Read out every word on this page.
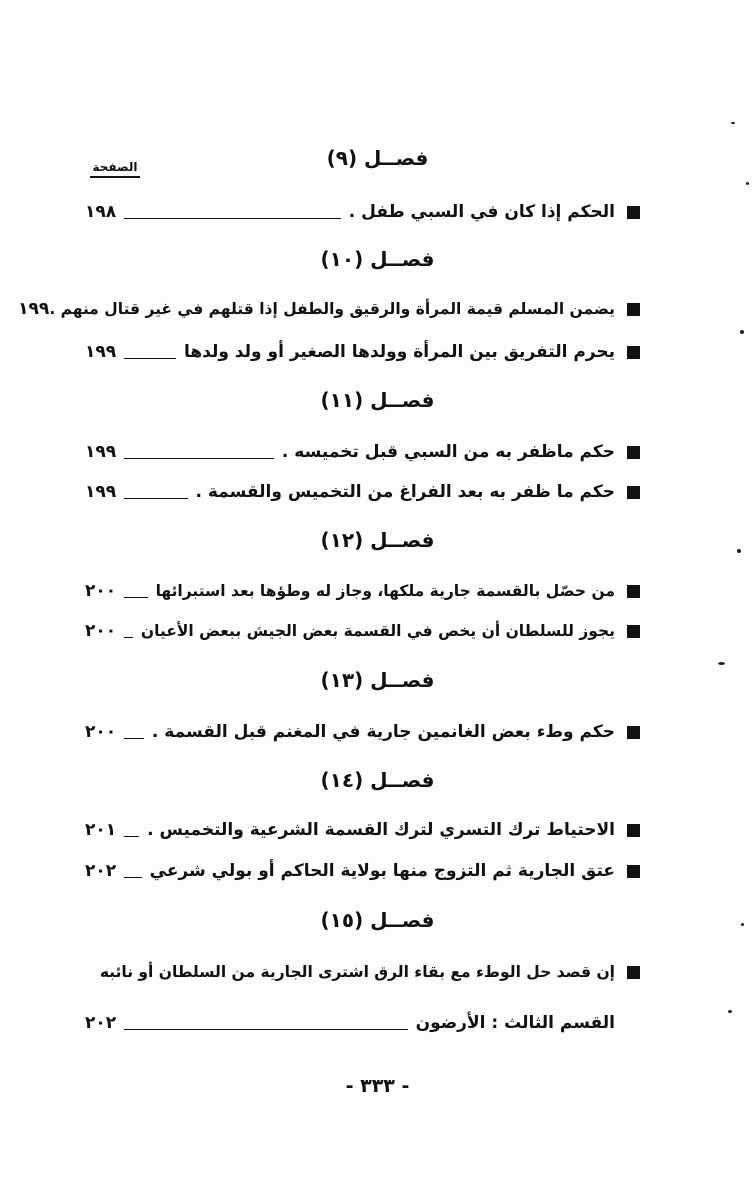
الصفحة	فصــل (٩)
الحكم إذا كان في السبي طفل .
١٩٨
فصــل (١٠)
يضمن المسلم قيمة المرأة والرقيق والطفل إذا قتلهم في غير قتال منهم .
١٩٩
يحرم التفريق بين المرأة وولدها الصغير أو ولد ولدها
١٩٩
فصــل (١١)
حكم ماظفر به من السبي قبل تخميسه .
١٩٩
حكم ما ظفر به بعد الفراغ من التخميس والقسمة .
١٩٩
فصــل (١٢)
من حصّل بالقسمة جارية ملكها، وجاز له وطؤها بعد استبرائها
٢٠٠
يجوز للسلطان أن يخص في القسمة بعض الجيش ببعض الأعيان
٢٠٠
فصــل (١٣)
حكم وطء بعض الغانمين جارية في المغنم قبل القسمة .
٢٠٠
فصــل (١٤)
الاحتياط ترك التسري لترك القسمة الشرعية والتخميس .
٢٠١
عتق الجارية ثم التزوج منها بولاية الحاكم أو بولي شرعي
٢٠٢
فصــل (١٥)
إن قصد حل الوطء مع بقاء الرق اشترى الجارية من السلطان أو نائبه
القسم الثالث : الأرضون
٢٠٢
- ٣٣٣ -
